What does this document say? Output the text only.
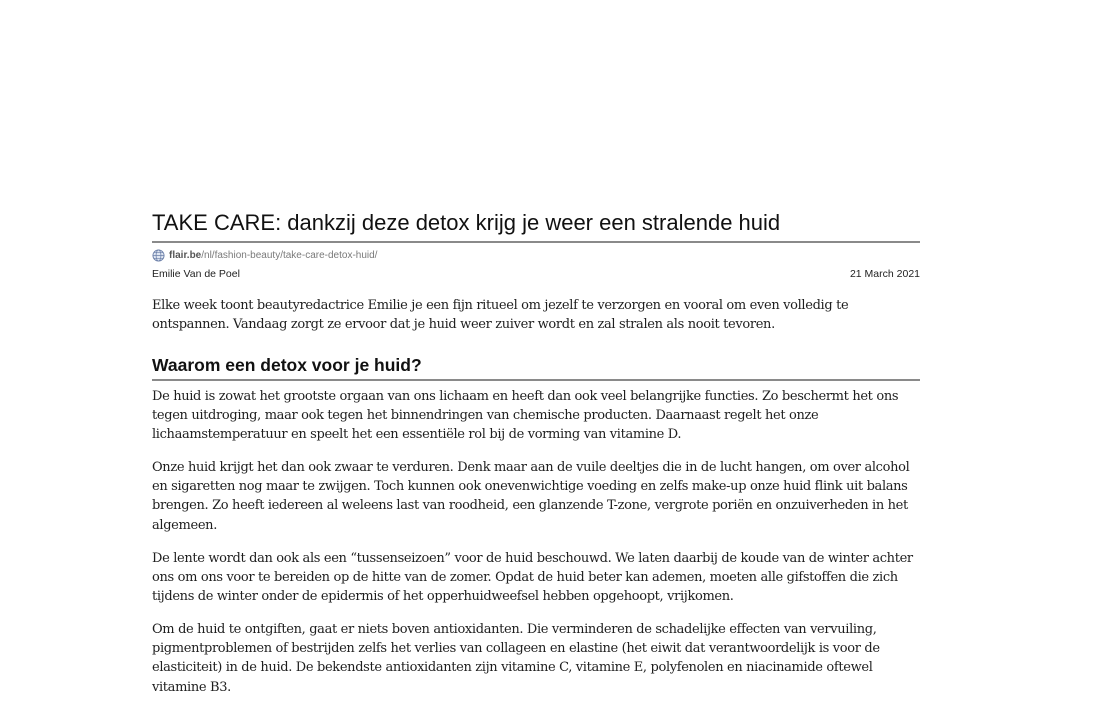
TAKE CARE: dankzij deze detox krijg je weer een stralende huid
flair.be /nl/fashion-beauty/take-care-detox-huid/
Emilie Van de Poel	21 March 2021

Elke week toont beautyredactrice Emilie je een fijn ritueel om jezelf te verzorgen en vooral om even volledig te ontspannen. Vandaag zorgt ze ervoor dat je huid weer zuiver wordt en zal stralen als nooit tevoren.

Waarom een detox voor je huid?

De huid is zowat het grootste orgaan van ons lichaam en heeft dan ook veel belangrijke functies. Zo beschermt het ons tegen uitdroging, maar ook tegen het binnendringen van chemische producten. Daarnaast regelt het onze lichaamstemperatuur en speelt het een essentiële rol bij de vorming van vitamine D.

Onze huid krijgt het dan ook zwaar te verduren. Denk maar aan de vuile deeltjes die in de lucht hangen, om over alcohol en sigaretten nog maar te zwijgen. Toch kunnen ook onevenwichtige voeding en zelfs make-up onze huid flink uit balans brengen. Zo heeft iedereen al weleens last van roodheid, een glanzende T-zone, vergrote poriën en onzuiverheden in het algemeen.

De lente wordt dan ook als een “tussenseizoen” voor de huid beschouwd. We laten daarbij de koude van de winter achter ons om ons voor te bereiden op de hitte van de zomer. Opdat de huid beter kan ademen, moeten alle gifstoffen die zich tijdens de winter onder de epidermis of het opperhuidweefsel hebben opgehoopt, vrijkomen.

Om de huid te ontgiften, gaat er niets boven antioxidanten. Die verminderen de schadelijke effecten van vervuiling, pigmentproblemen of bestrijden zelfs het verlies van collageen en elastine (het eiwit dat verantwoordelijk is voor de elasticiteit) in de huid. De bekendste antioxidanten zijn vitamine C, vitamine E, polyfenolen en niacinamide oftewel vitamine B3.
